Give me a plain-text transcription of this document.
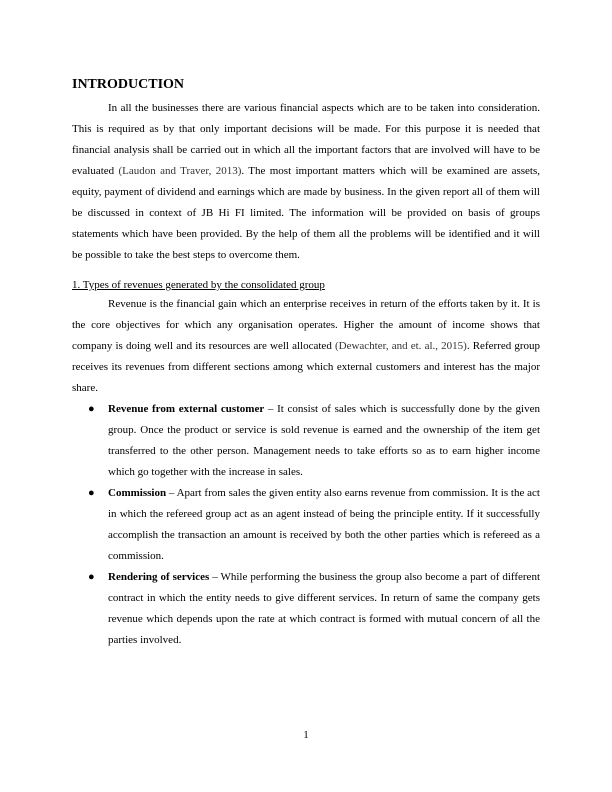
INTRODUCTION

In all the businesses there are various financial aspects which are to be taken into consideration. This is required as by that only important decisions will be made. For this purpose it is needed that financial analysis shall be carried out in which all the important factors that are involved will have to be evaluated (Laudon and Traver, 2013). The most important matters which will be examined are assets, equity, payment of dividend and earnings which are made by business. In the given report all of them will be discussed in context of JB Hi FI limited. The information will be provided on basis of groups statements which have been provided. By the help of them all the problems will be identified and it will be possible to take the best steps to overcome them.

1. Types of revenues generated by the consolidated group

Revenue is the financial gain which an enterprise receives in return of the efforts taken by it. It is the core objectives for which any organisation operates. Higher the amount of income shows that company is doing well and its resources are well allocated (Dewachter, and et. al., 2015). Referred group receives its revenues from different sections among which external customers and interest has the major share.

● Revenue from external customer – It consist of sales which is successfully done by the given group. Once the product or service is sold revenue is earned and the ownership of the item get transferred to the other person. Management needs to take efforts so as to earn higher income which go together with the increase in sales.

● Commission – Apart from sales the given entity also earns revenue from commission. It is the act in which the refereed group act as an agent instead of being the principle entity. If it successfully accomplish the transaction an amount is received by both the other parties which is refereed as a commission.

● Rendering of services – While performing the business the group also become a part of different contract in which the entity needs to give different services. In return of same the company gets revenue which depends upon the rate at which contract is formed with mutual concern of all the parties involved.

1
